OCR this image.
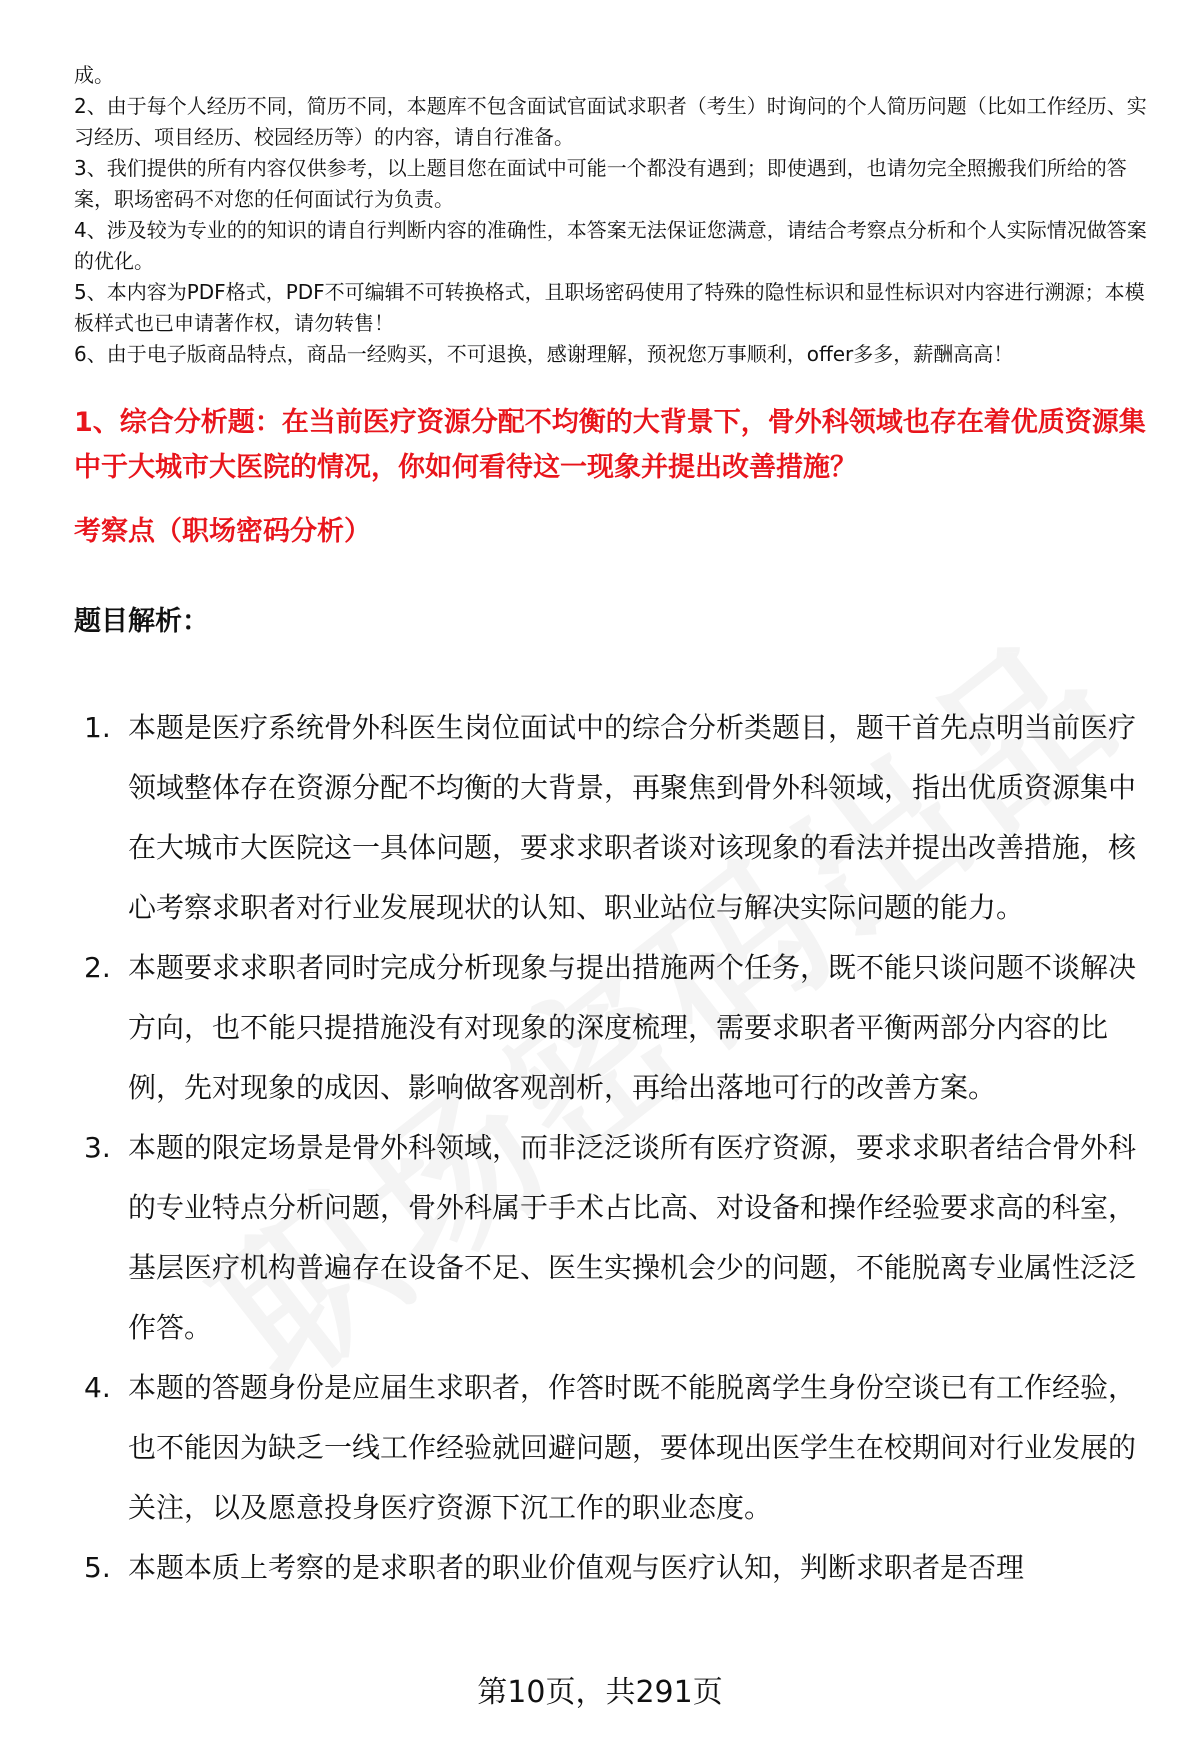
成。

2、由于每个人经历不同，简历不同，本题库不包含面试官面试求职者（考生）时询问的个人简历问题（比如工作经历、实习经历、项目经历、校园经历等）的内容，请自行准备。

3、我们提供的所有内容仅供参考，以上题目您在面试中可能一个都没有遇到；即使遇到，也请勿完全照搬我们所给的答案，职场密码不对您的任何面试行为负责。

4、涉及较为专业的的知识的请自行判断内容的准确性，本答案无法保证您满意，请结合考察点分析和个人实际情况做答案的优化。

5、本内容为PDF格式，PDF不可编辑不可转换格式，且职场密码使用了特殊的隐性标识和显性标识对内容进行溯源；本模板样式也已申请著作权，请勿转售！

6、由于电子版商品特点，商品一经购买，不可退换，感谢理解，预祝您万事顺利，offer多多，薪酬高高！

1、综合分析题：在当前医疗资源分配不均衡的大背景下，骨外科领域也存在着优质资源集中于大城市大医院的情况，你如何看待这一现象并提出改善措施？
考察点（职场密码分析）
题目解析：
1. 本题是医疗系统骨外科医生岗位面试中的综合分析类题目，题干首先点明当前医疗领域整体存在资源分配不均衡的大背景，再聚焦到骨外科领域，指出优质资源集中在大城市大医院这一具体问题，要求求职者谈对该现象的看法并提出改善措施，核心考察求职者对行业发展现状的认知、职业站位与解决实际问题的能力。
2. 本题要求求职者同时完成分析现象与提出措施两个任务，既不能只谈问题不谈解决方向，也不能只提措施没有对现象的深度梳理，需要求职者平衡两部分内容的比例，先对现象的成因、影响做客观剖析，再给出落地可行的改善方案。
3. 本题的限定场景是骨外科领域，而非泛泛谈所有医疗资源，要求求职者结合骨外科的专业特点分析问题，骨外科属于手术占比高、对设备和操作经验要求高的科室，基层医疗机构普遍存在设备不足、医生实操机会少的问题，不能脱离专业属性泛泛作答。
4. 本题的答题身份是应届生求职者，作答时既不能脱离学生身份空谈已有工作经验，也不能因为缺乏一线工作经验就回避问题，要体现出医学生在校期间对行业发展的关注，以及愿意投身医疗资源下沉工作的职业态度。
5. 本题本质上考察的是求职者的职业价值观与医疗认知，判断求职者是否理
第10页，共291页
